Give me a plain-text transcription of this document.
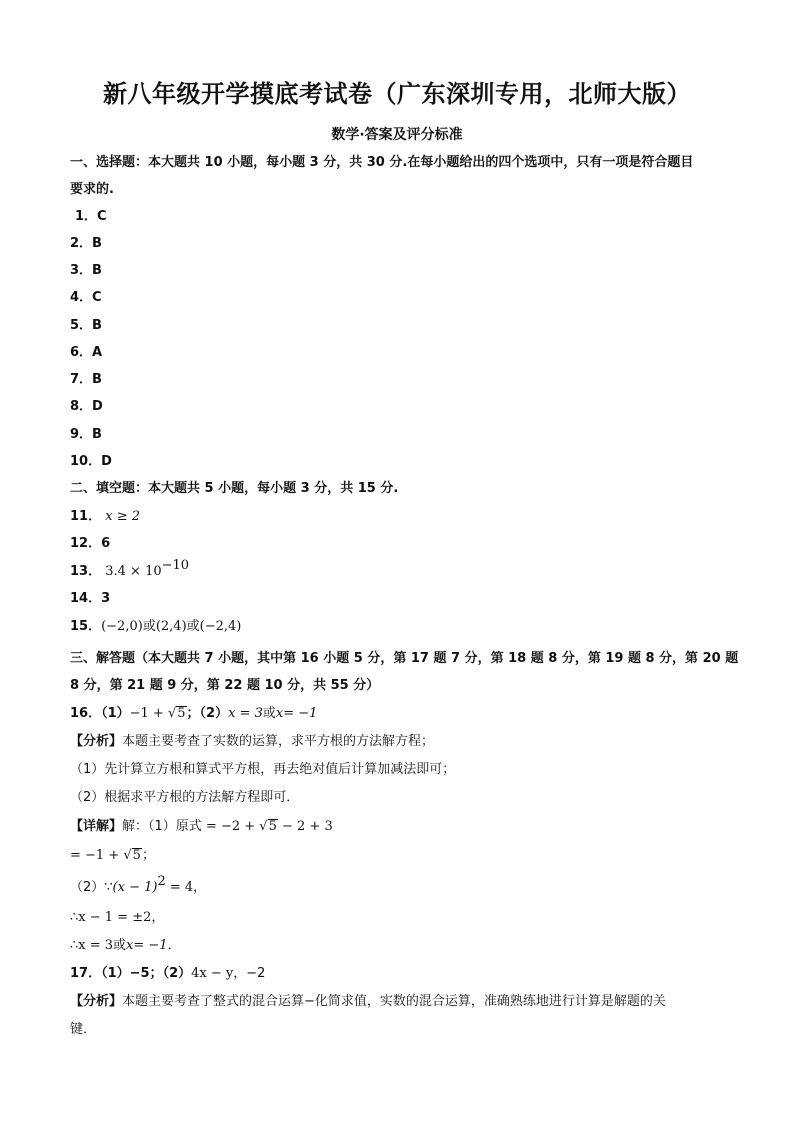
新八年级开学摸底考试卷（广东深圳专用，北师大版）
数学·答案及评分标准
一、选择题：本大题共 10 小题，每小题 3 分，共 30 分.在每小题给出的四个选项中，只有一项是符合题目
要求的.
1．C
2．B
3．B
4．C
5．B
6．A
7．B
8．D
9．B
10．D
二、填空题：本大题共 5 小题，每小题 3 分，共 15 分.
11． x ≥ 2
12．6
13． $3.4 \times 10^{-10}$
14．3
15．(−2,0)或(2,4)或(−2,4)
三、解答题（本大题共 7 小题，其中第 16 小题 5 分，第 17 题 7 分，第 18 题 8 分，第 19 题 8 分，第 20 题
8 分，第 21 题 9 分，第 22 题 10 分，共 55 分）
16．（1）−1 + √5；（2）x = 3或x= −1
【分析】本题主要考查了实数的运算，求平方根的方法解方程；
（1）先计算立方根和算式平方根，再去绝对值后计算加减法即可；
（2）根据求平方根的方法解方程即可．
【详解】解：（1）原式 = −2 + √5 − 2 + 3
= −1 + √5；
（2）∵(x − 1)$^2$ = 4，
∴x − 1 = ±2，
∴x = 3或x= −1．
17．（1）−5；（2）4x − y，−2
【分析】本题主要考查了整式的混合运算−化简求值，实数的混合运算，准确熟练地进行计算是解题的关
键．
